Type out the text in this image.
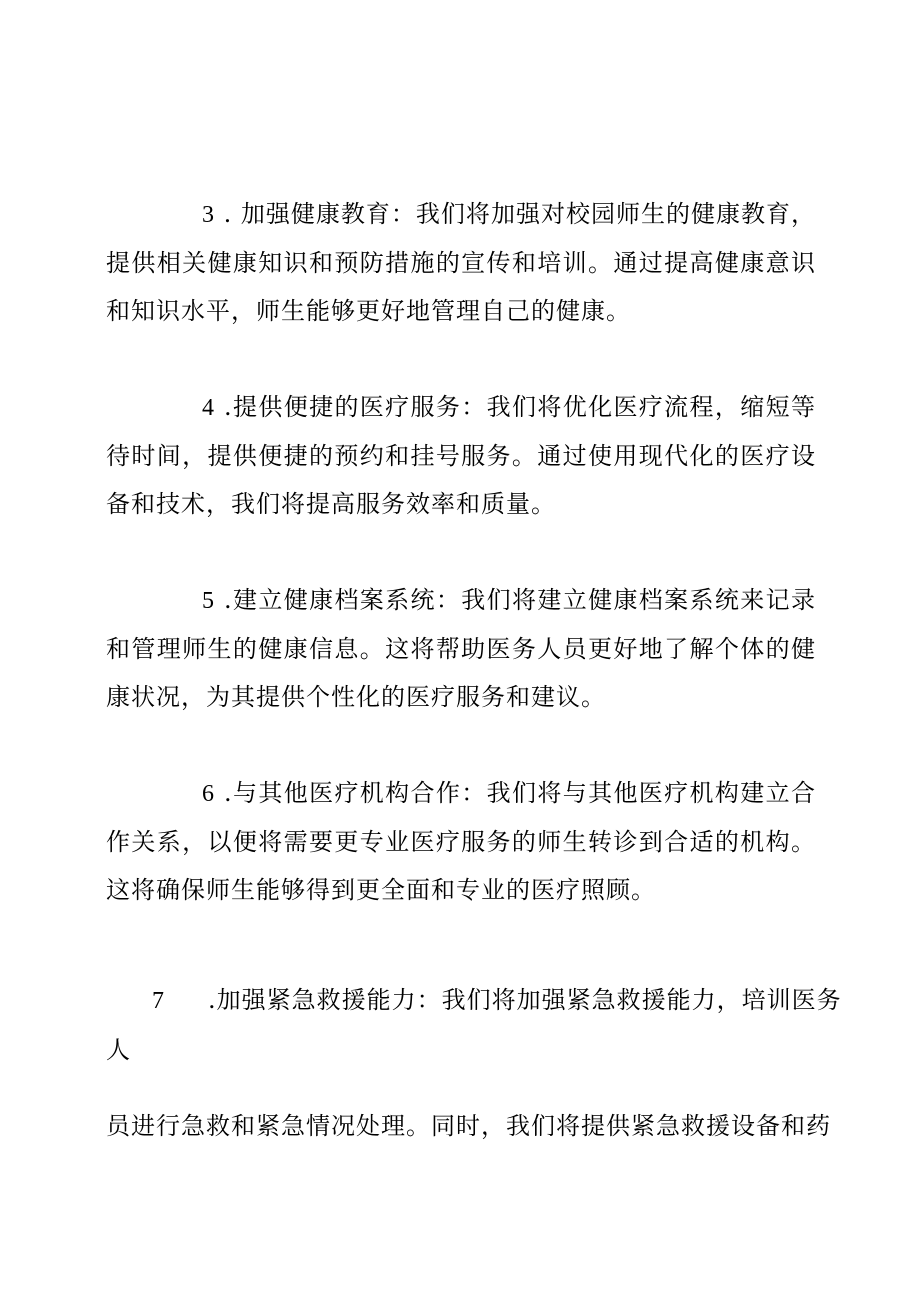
3 . 加强健康教育：我们将加强对校园师生的健康教育，提供相关健康知识和预防措施的宣传和培训。通过提高健康意识和知识水平，师生能够更好地管理自己的健康。

4 .提供便捷的医疗服务：我们将优化医疗流程，缩短等待时间，提供便捷的预约和挂号服务。通过使用现代化的医疗设备和技术，我们将提高服务效率和质量。

5 .建立健康档案系统：我们将建立健康档案系统来记录和管理师生的健康信息。这将帮助医务人员更好地了解个体的健康状况，为其提供个性化的医疗服务和建议。

6 .与其他医疗机构合作：我们将与其他医疗机构建立合作关系，以便将需要更专业医疗服务的师生转诊到合适的机构。这将确保师生能够得到更全面和专业的医疗照顾。

7 .加强紧急救援能力：我们将加强紧急救援能力，培训医务

人

员进行急救和紧急情况处理。同时，我们将提供紧急救援设备和药
